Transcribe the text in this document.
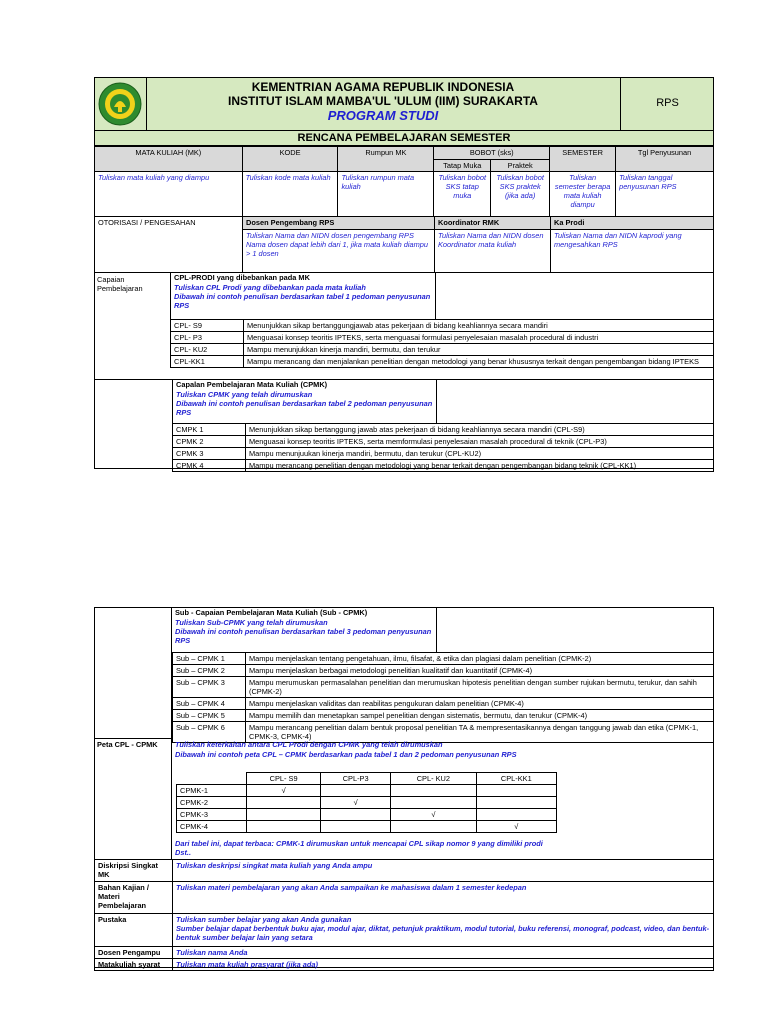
KEMENTRIAN AGAMA REPUBLIK INDONESIA
INSTITUT ISLAM MAMBA'UL 'ULUM (IIM) SURAKARTA
PROGRAM STUDI
RPS
RENCANA PEMBELAJARAN SEMESTER
MATA KULIAH (MK)	KODE	Rumpun MK	BOBOT (sks)		SEMESTER	Tgl Penyusunan
			Tatap Muka	Praktek		
Tuliskan mata kuliah yang diampu	Tuliskan kode mata kuliah	Tuliskan rumpun mata kuliah	Tuliskan bobot SKS tatap muka	Tuliskan bobot SKS praktek (jika ada)	Tuliskan semester berapa mata kuliah diampu	Tuliskan tanggal penyusunan RPS
OTORISASI / PENGESAHAN	Dosen Pengembang RPS	Koordinator RMK	Ka Prodi
	Tuliskan Nama dan NIDN dosen pengembang RPS Nama dosen dapat lebih dari 1, jika mata kuliah diampu > 1 dosen	Tuliskan Nama dan NIDN dosen Koordinator mata kuliah	Tuliskan Nama dan NIDN kaprodi yang mengesahkan RPS
Capaian Pembelajaran
CPL-PRODI yang dibebankan pada MK
Tuliskan CPL Prodi yang dibebankan pada mata kuliah
Dibawah ini contoh penulisan berdasarkan tabel 1 pedoman penyusunan RPS
CPL- S9	Menunjukkan sikap bertanggungjawab atas pekerjaan di bidang keahliannya secara mandiri
CPL- P3	Menguasai konsep teoritis IPTEKS, serta menguasai formulasi penyelesaian masalah procedural di industri
CPL- KU2	Mampu menunjukkan kinerja mandiri, bermutu, dan terukur
CPL-KK1	Mampu merancang dan menjalankan penelitian dengan metodologi yang benar khususnya terkait dengan pengembangan bidang IPTEKS
Capalan Pembelajaran Mata Kuliah (CPMK)
Tuliskan CPMK yang telah dirumuskan
Dibawah ini contoh penulisan berdasarkan tabel 2 pedoman penyusunan RPS
CMPK 1	Menunjukkan sikap bertanggung jawab atas pekerjaan di bidang keahliannya secara mandiri (CPL-S9)
CPMK 2	Menguasai konsep teoritis IPTEKS, serta memformulasi penyelesaian masalah procedural di teknik (CPL-P3)
CPMK 3	Mampu menunjuukan kinerja mandiri, bermutu, dan terukur (CPL-KU2)
CPMK 4	Mampu merancang penelitian dengan metodologi yang benar terkait dengan pengembangan bidang teknik (CPL-KK1)
Sub - Capaian Pembelajaran Mata Kuliah (Sub - CPMK)
Tuliskan Sub-CPMK yang telah dirumuskan
Dibawah ini contoh penulisan berdasarkan tabel 3 pedoman penyusunan RPS
Sub – CPMK 1	Mampu menjelaskan tentang pengetahuan, ilmu, filsafat, & etika dan plagiasi dalam penelitian (CPMK-2)
Sub – CPMK 2	Mampu menjelaskan berbagai metodologi penelitian kualitatif dan kuantitatif (CPMK-4)
Sub – CPMK 3	Mampu merumuskan permasalahan penelitian dan merumuskan hipotesis penelitian dengan sumber rujukan bermutu, terukur, dan sahih (CPMK-2)
Sub – CPMK 4	Mampu menjelaskan validitas dan reabilitas pengukuran dalam penelitian (CPMK-4)
Sub – CPMK 5	Mampu memilih dan menetapkan sampel penelitian dengan sistematis, bermutu, dan terukur (CPMK-4)
Sub – CPMK 6	Mampu merancang penelitian dalam bentuk proposal penelitian TA & mempresentasikannya dengan tanggung jawab dan etika (CPMK-1, CPMK-3, CPMK-4)
Peta CPL - CPMK	Tuliskan keterkaitan antara CPL Prodi dengan CPMK yang telah dirumuskan
Dibawah ini contoh peta CPL – CPMK berdasarkan pada tabel 1 dan 2 pedoman penyusunan RPS
	CPL- S9	CPL-P3	CPL- KU2	CPL-KK1
CPMK-1	√			
CPMK-2		√		
CPMK-3			√	
CPMK-4				√
Dari tabel ini, dapat terbaca: CPMK-1 dirumuskan untuk mencapai CPL sikap nomor 9 yang dimiliki prodi Dst..
Diskripsi Singkat MK	Tuliskan deskripsi singkat mata kuliah yang Anda ampu
Bahan Kajian / Materi Pembelajaran	Tuliskan materi pembelajaran yang akan Anda sampaikan ke mahasiswa dalam 1 semester kedepan
Pustaka	Tuliskan sumber belajar yang akan Anda gunakan
Sumber belajar dapat berbentuk buku ajar, modul ajar, diktat, petunjuk praktikum, modul tutorial, buku referensi, monograf, podcast, video, dan bentuk-bentuk sumber belajar lain yang setara

Dosen Pengampu	Tuliskan nama Anda
Matakuliah syarat	Tuliskan mata kuliah prasyarat (jika ada)
